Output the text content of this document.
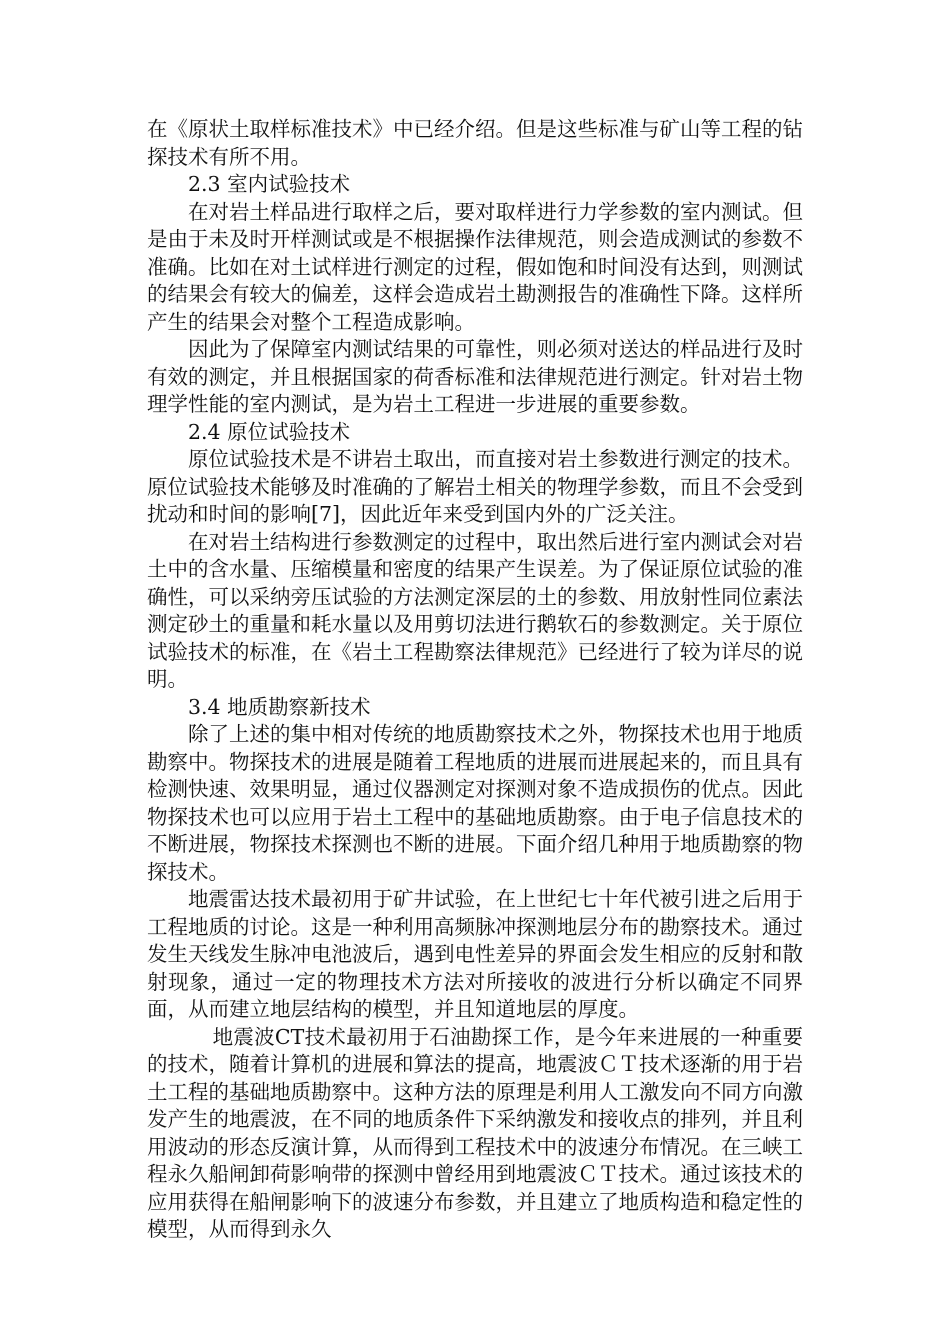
在《原状土取样标准技术》中已经介绍。但是这些标准与矿山等工程的钻探技术有所不用。

2.3 室内试验技术

在对岩土样品进行取样之后，要对取样进行力学参数的室内测试。但是由于未及时开样测试或是不根据操作法律规范，则会造成测试的参数不准确。比如在对土试样进行测定的过程，假如饱和时间没有达到，则测试的结果会有较大的偏差，这样会造成岩土勘测报告的准确性下降。这样所产生的结果会对整个工程造成影响。

因此为了保障室内测试结果的可靠性，则必须对送达的样品进行及时有效的测定，并且根据国家的荷香标准和法律规范进行测定。针对岩土物理学性能的室内测试，是为岩土工程进一步进展的重要参数。

2.4 原位试验技术

原位试验技术是不讲岩土取出，而直接对岩土参数进行测定的技术。原位试验技术能够及时准确的了解岩土相关的物理学参数，而且不会受到扰动和时间的影响[7]，因此近年来受到国内外的广泛关注。

在对岩土结构进行参数测定的过程中，取出然后进行室内测试会对岩土中的含水量、压缩模量和密度的结果产生误差。为了保证原位试验的准确性，可以采纳旁压试验的方法测定深层的土的参数、用放射性同位素法测定砂土的重量和耗水量以及用剪切法进行鹅软石的参数测定。关于原位试验技术的标准，在《岩土工程勘察法律规范》已经进行了较为详尽的说明。

3.4 地质勘察新技术

除了上述的集中相对传统的地质勘察技术之外，物探技术也用于地质勘察中。物探技术的进展是随着工程地质的进展而进展起来的，而且具有检测快速、效果明显，通过仪器测定对探测对象不造成损伤的优点。因此物探技术也可以应用于岩土工程中的基础地质勘察。由于电子信息技术的不断进展，物探技术探测也不断的进展。下面介绍几种用于地质勘察的物探技术。

地震雷达技术最初用于矿井试验，在上世纪七十年代被引进之后用于工程地质的讨论。这是一种利用高频脉冲探测地层分布的勘察技术。通过发生天线发生脉冲电池波后，遇到电性差异的界面会发生相应的反射和散射现象，通过一定的物理技术方法对所接收的波进行分析以确定不同界面，从而建立地层结构的模型，并且知道地层的厚度。

地震波CT技术最初用于石油勘探工作，是今年来进展的一种重要的技术，随着计算机的进展和算法的提高，地震波ＣＴ技术逐渐的用于岩土工程的基础地质勘察中。这种方法的原理是利用人工激发向不同方向激发产生的地震波，在不同的地质条件下采纳激发和接收点的排列，并且利用波动的形态反演计算，从而得到工程技术中的波速分布情况。在三峡工程永久船闸卸荷影响带的探测中曾经用到地震波ＣＴ技术。通过该技术的应用获得在船闸影响下的波速分布参数，并且建立了地质构造和稳定性的模型，从而得到永久
